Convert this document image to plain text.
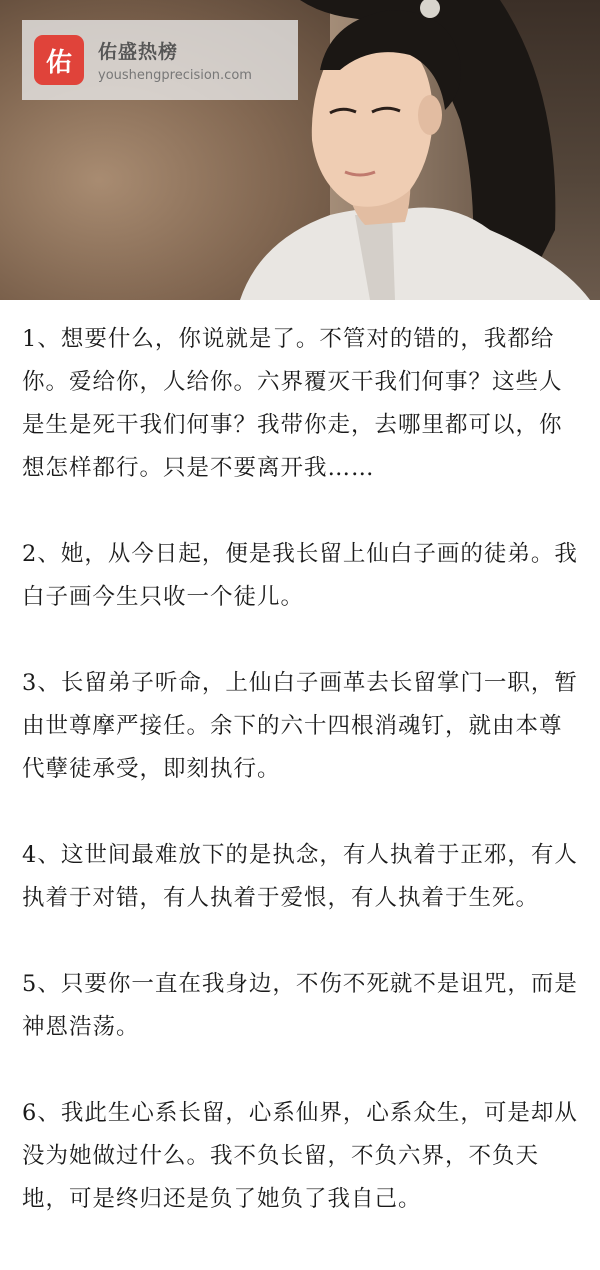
佑	佑盛热榜
youshengprecision.com

1、想要什么，你说就是了。不管对的错的，我都给你。爱给你，人给你。六界覆灭干我们何事？这些人是生是死干我们何事？我带你走，去哪里都可以，你想怎样都行。只是不要离开我……

2、她，从今日起，便是我长留上仙白子画的徒弟。我白子画今生只收一个徒儿。

3、长留弟子听命，上仙白子画革去长留掌门一职，暂由世尊摩严接任。余下的六十四根消魂钉，就由本尊代孽徒承受，即刻执行。

4、这世间最难放下的是执念，有人执着于正邪，有人执着于对错，有人执着于爱恨，有人执着于生死。

5、只要你一直在我身边，不伤不死就不是诅咒，而是神恩浩荡。

6、我此生心系长留，心系仙界，心系众生，可是却从没为她做过什么。我不负长留，不负六界，不负天地，可是终归还是负了她负了我自己。
